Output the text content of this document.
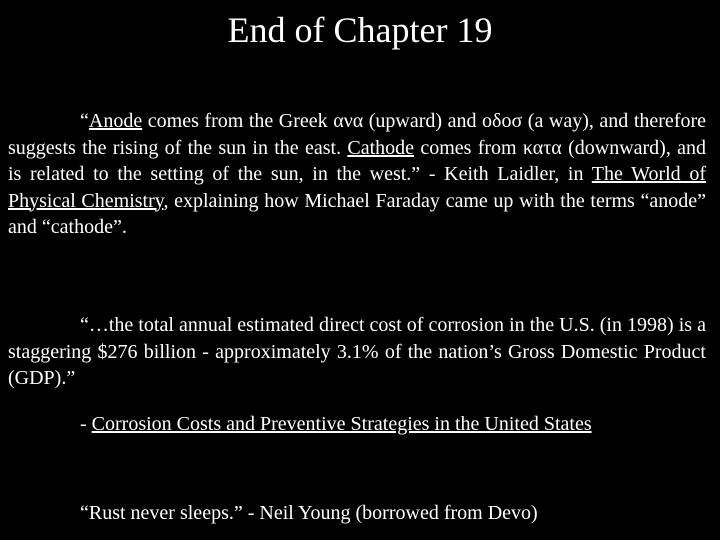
End of Chapter 19
“Anode comes from the Greek ανα (upward) and οδοσ (a way), and therefore suggests the rising of the sun in the east. Cathode comes from κατα (downward), and is related to the setting of the sun, in the west.” - Keith Laidler, in The World of Physical Chemistry, explaining how Michael Faraday came up with the terms “anode” and “cathode”.
“…the total annual estimated direct cost of corrosion in the U.S. (in 1998) is a staggering $276 billion - approximately 3.1% of the nation’s Gross Domestic Product (GDP).”
- Corrosion Costs and Preventive Strategies in the United States
“Rust never sleeps.” - Neil Young (borrowed from Devo)
